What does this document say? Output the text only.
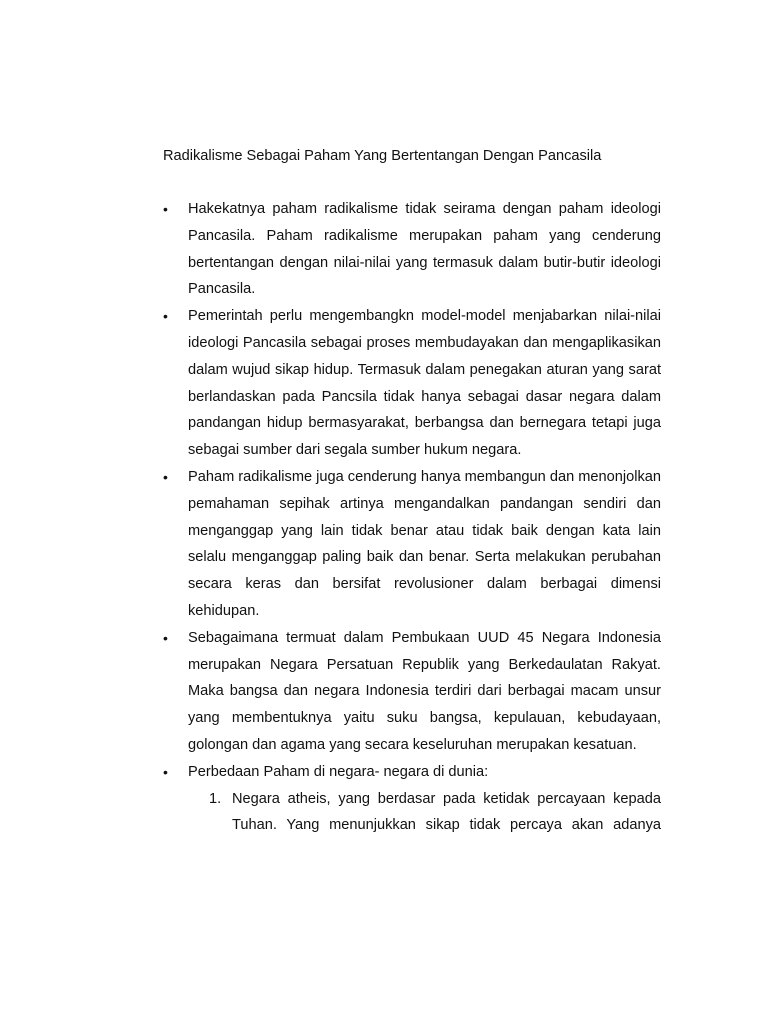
Radikalisme Sebagai Paham Yang Bertentangan Dengan Pancasila
•	Hakekatnya paham radikalisme tidak seirama dengan paham ideologi Pancasila. Paham radikalisme merupakan paham yang cenderung bertentangan dengan nilai-nilai yang termasuk dalam butir-butir ideologi Pancasila.
•	Pemerintah perlu mengembangkn model-model menjabarkan nilai-nilai ideologi Pancasila sebagai proses membudayakan dan mengaplikasikan dalam wujud sikap hidup. Termasuk dalam penegakan aturan yang sarat berlandaskan pada Pancsila tidak hanya sebagai dasar negara dalam pandangan hidup bermasyarakat, berbangsa dan bernegara tetapi juga sebagai sumber dari segala sumber hukum negara.
•	Paham radikalisme juga cenderung hanya membangun dan menonjolkan pemahaman sepihak artinya mengandalkan pandangan sendiri dan menganggap yang lain tidak benar atau tidak baik dengan kata lain selalu menganggap paling baik dan benar. Serta melakukan perubahan secara keras dan bersifat revolusioner dalam berbagai dimensi kehidupan.
•	Sebagaimana termuat dalam Pembukaan UUD 45 Negara Indonesia merupakan Negara Persatuan Republik yang Berkedaulatan Rakyat. Maka bangsa dan negara Indonesia terdiri dari berbagai macam unsur yang membentuknya yaitu suku bangsa, kepulauan, kebudayaan, golongan dan agama yang secara keseluruhan merupakan kesatuan.
•	Perbedaan Paham di negara- negara di dunia:
1. Negara atheis, yang berdasar pada ketidak percayaan kepada Tuhan. Yang menunjukkan sikap tidak percaya akan adanya
